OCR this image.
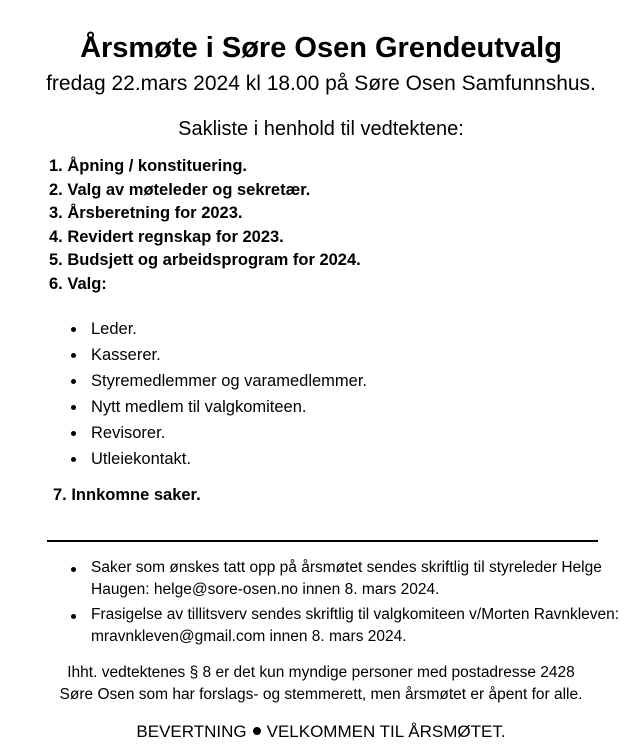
Årsmøte i Søre Osen Grendeutvalg

fredag 22.mars 2024 kl 18.00 på Søre Osen Samfunnshus.

Sakliste i henhold til vedtektene:

1. Åpning / konstituering.
2. Valg av møteleder og sekretær.
3. Årsberetning for 2023.
4. Revidert regnskap for 2023.
5. Budsjett og arbeidsprogram for 2024.
6. Valg:
Leder.
Kasserer.
Styremedlemmer og varamedlemmer.
Nytt medlem til valgkomiteen.
Revisorer.
Utleiekontakt.

7. Innkomne saker.

Saker som ønskes tatt opp på årsmøtet sendes skriftlig til styreleder Helge Haugen: helge@sore-osen.no innen 8. mars 2024.
Frasigelse av tillitsverv sendes skriftlig til valgkomiteen v/Morten Ravnkleven: mravnkleven@gmail.com innen 8. mars 2024.

Ihht. vedtektenes § 8 er det kun myndige personer med postadresse 2428
Søre Osen som har forslags- og stemmerett, men årsmøtet er åpent for alle.

BEVERTNING VELKOMMEN TIL ÅRSMØTET.
